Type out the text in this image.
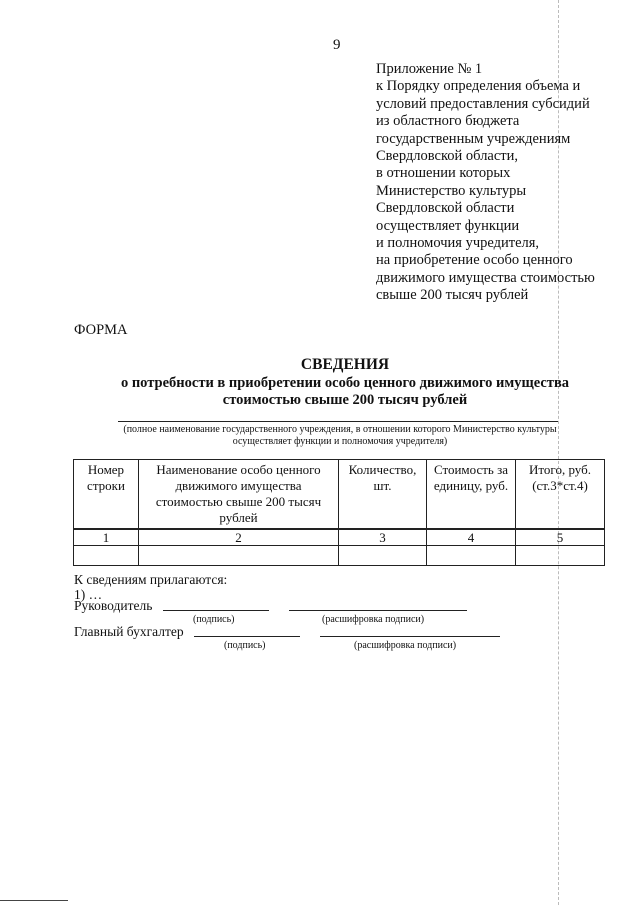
9
Приложение № 1
к Порядку определения объема и
условий предоставления субсидий
из областного бюджета
государственным учреждениям
Свердловской области,
в отношении которых
Министерство культуры
Свердловской области
осуществляет функции
и полномочия учредителя,
на приобретение особо ценного
движимого имущества стоимостью
свыше 200 тысяч рублей
ФОРМА
СВЕДЕНИЯ
о потребности в приобретении особо ценного движимого имущества
стоимостью свыше 200 тысяч рублей
(полное наименование государственного учреждения, в отношении которого Министерство культуры
осуществляет функции и полномочия учредителя)
Номер строки	Наименование особо ценного движимого имущества стоимостью свыше 200 тысяч рублей	Количество, шт.	Стоимость за единицу, руб.	Итого, руб. (ст.3*ст.4)
1	2	3	4	5

К сведениям прилагаются:
1) …
Руководитель
(подпись)	(расшифровка подписи)
Главный бухгалтер
(подпись)	(расшифровка подписи)
